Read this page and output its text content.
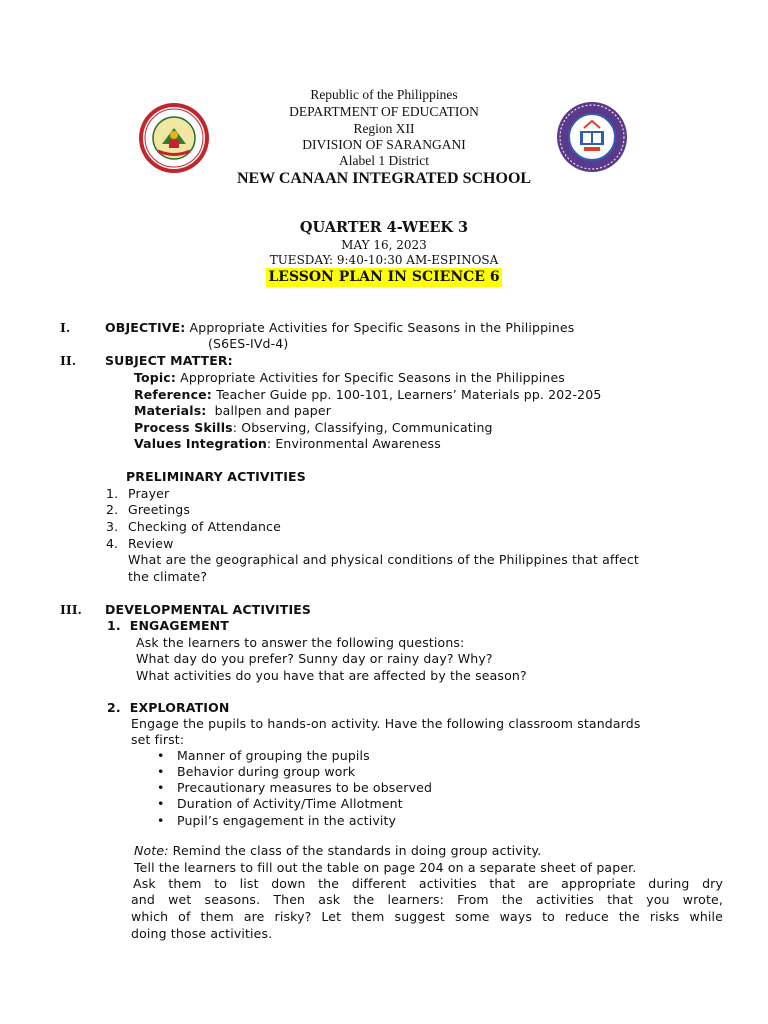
Republic of the Philippines
DEPARTMENT OF EDUCATION
Region XII
DIVISION OF SARANGANI
Alabel 1 District
NEW CANAAN INTEGRATED SCHOOL
QUARTER 4-WEEK 3
MAY 16, 2023
TUESDAY: 9:40-10:30 AM-ESPINOSA
LESSON PLAN IN SCIENCE 6
I.	OBJECTIVE: Appropriate Activities for Specific Seasons in the Philippines
(S6ES-IVd-4)
II. SUBJECT MATTER:
Topic: Appropriate Activities for Specific Seasons in the Philippines
Reference: Teacher Guide pp. 100-101, Learners’ Materials pp. 202-205
Materials: ballpen and paper
Process Skills: Observing, Classifying, Communicating
Values Integration: Environmental Awareness
PRELIMINARY ACTIVITIES
1. Prayer
2. Greetings
3. Checking of Attendance
4. Review
What are the geographical and physical conditions of the Philippines that affect
the climate?
III. DEVELOPMENTAL ACTIVITIES
1.  ENGAGEMENT
Ask the learners to answer the following questions:
What day do you prefer? Sunny day or rainy day? Why?
What activities do you have that are affected by the season?
2.  EXPLORATION
Engage the pupils to hands-on activity. Have the following classroom standards
set first:
• Manner of grouping the pupils
• Behavior during group work
• Precautionary measures to be observed
• Duration of Activity/Time Allotment
• Pupil’s engagement in the activity
Note: Remind the class of the standards in doing group activity.
Tell the learners to fill out the table on page 204 on a separate sheet of paper.
Ask them to list down the different activities that are appropriate during dry
and wet seasons. Then ask the learners: From the activities that you wrote,
which of them are risky? Let them suggest some ways to reduce the risks while
doing those activities.
